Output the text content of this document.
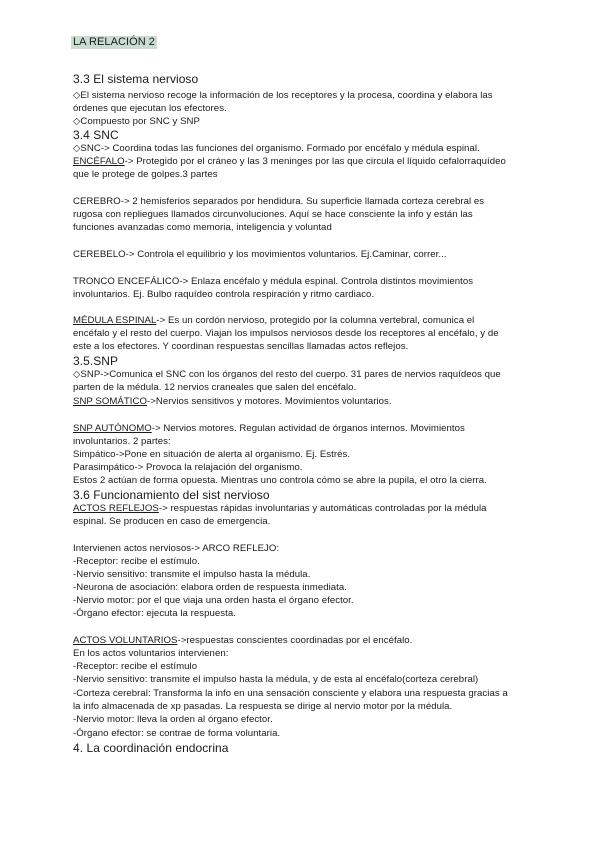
LA RELACIÓN 2
3.3 El sistema nervioso
◇El sistema nervioso recoge la información de los receptores y la procesa, coordina y elabora las
órdenes que ejecutan los efectores.
◇Compuesto por SNC y SNP
3.4 SNC
◇SNC-> Coordina todas las funciones del organismo. Formado por encéfalo y médula espinal.
ENCÉFALO-> Protegido por el cráneo y las 3 meninges por las que circula el líquido cefalorraquídeo
que le protege de golpes.3 partes
CEREBRO-> 2 hemisferios separados por hendidura. Su superficie llamada corteza cerebral es
rugosa con repliegues llamados circunvoluciones. Aquí se hace consciente la info y están las
funciones avanzadas como memoria, inteligencia y voluntad
CEREBELO-> Controla el equilibrio y los movimientos voluntarios. Ej.Caminar, correr...
TRONCO ENCEFÁLICO-> Enlaza encéfalo y médula espinal. Controla distintos movimientos
involuntarios. Ej. Bulbo raquídeo controla respiración y ritmo cardiaco.
MÉDULA ESPINAL-> Es un cordón nervioso, protegido por la columna vertebral, comunica el
encéfalo y el resto del cuerpo. Viajan los impulsos nerviosos desde los receptores al encéfalo, y de
este a los efectores. Y coordinan respuestas sencillas llamadas actos reflejos.
3.5.SNP
◇SNP->Comunica el SNC con los órganos del resto del cuerpo. 31 pares de nervios raquídeos que
parten de la médula. 12 nervios craneales que salen del encéfalo.
SNP SOMÁTICO->Nervios sensitivos y motores. Movimientos voluntarios.
SNP AUTÓNOMO-> Nervios motores. Regulan actividad de órganos internos. Movimientos
involuntarios. 2 partes:
Simpático->Pone en situación de alerta al organismo. Ej. Estrés.
Parasimpático-> Provoca la relajación del organismo.
Estos 2 actúan de forma opuesta. Mientras uno controla cómo se abre la pupila, el otro la cierra.
3.6 Funcionamiento del sist nervioso
ACTOS REFLEJOS-> respuestas rápidas involuntarias y automáticas controladas por la médula
espinal. Se producen en caso de emergencia.
Intervienen actos nerviosos-> ARCO REFLEJO:
-Receptor: recibe el estímulo.
-Nervio sensitivo: transmite el impulso hasta la médula.
-Neurona de asociación: elabora orden de respuesta inmediata.
-Nervio motor: por el que viaja una orden hasta el órgano efector.
-Órgano efector: ejecuta la respuesta.
ACTOS VOLUNTARIOS->respuestas conscientes coordinadas por el encéfalo.
En los actos voluntarios intervienen:
-Receptor: recibe el estímulo
-Nervio sensitivo: transmite el impulso hasta la médula, y de esta al encéfalo(corteza cerebral)
-Corteza cerebral: Transforma la info en una sensación consciente y elabora una respuesta gracias a
la info almacenada de xp pasadas. La respuesta se dirige al nervio motor por la médula.
-Nervio motor: lleva la orden al órgano efector.
-Órgano efector: se contrae de forma voluntaria.
4. La coordinación endocrina
